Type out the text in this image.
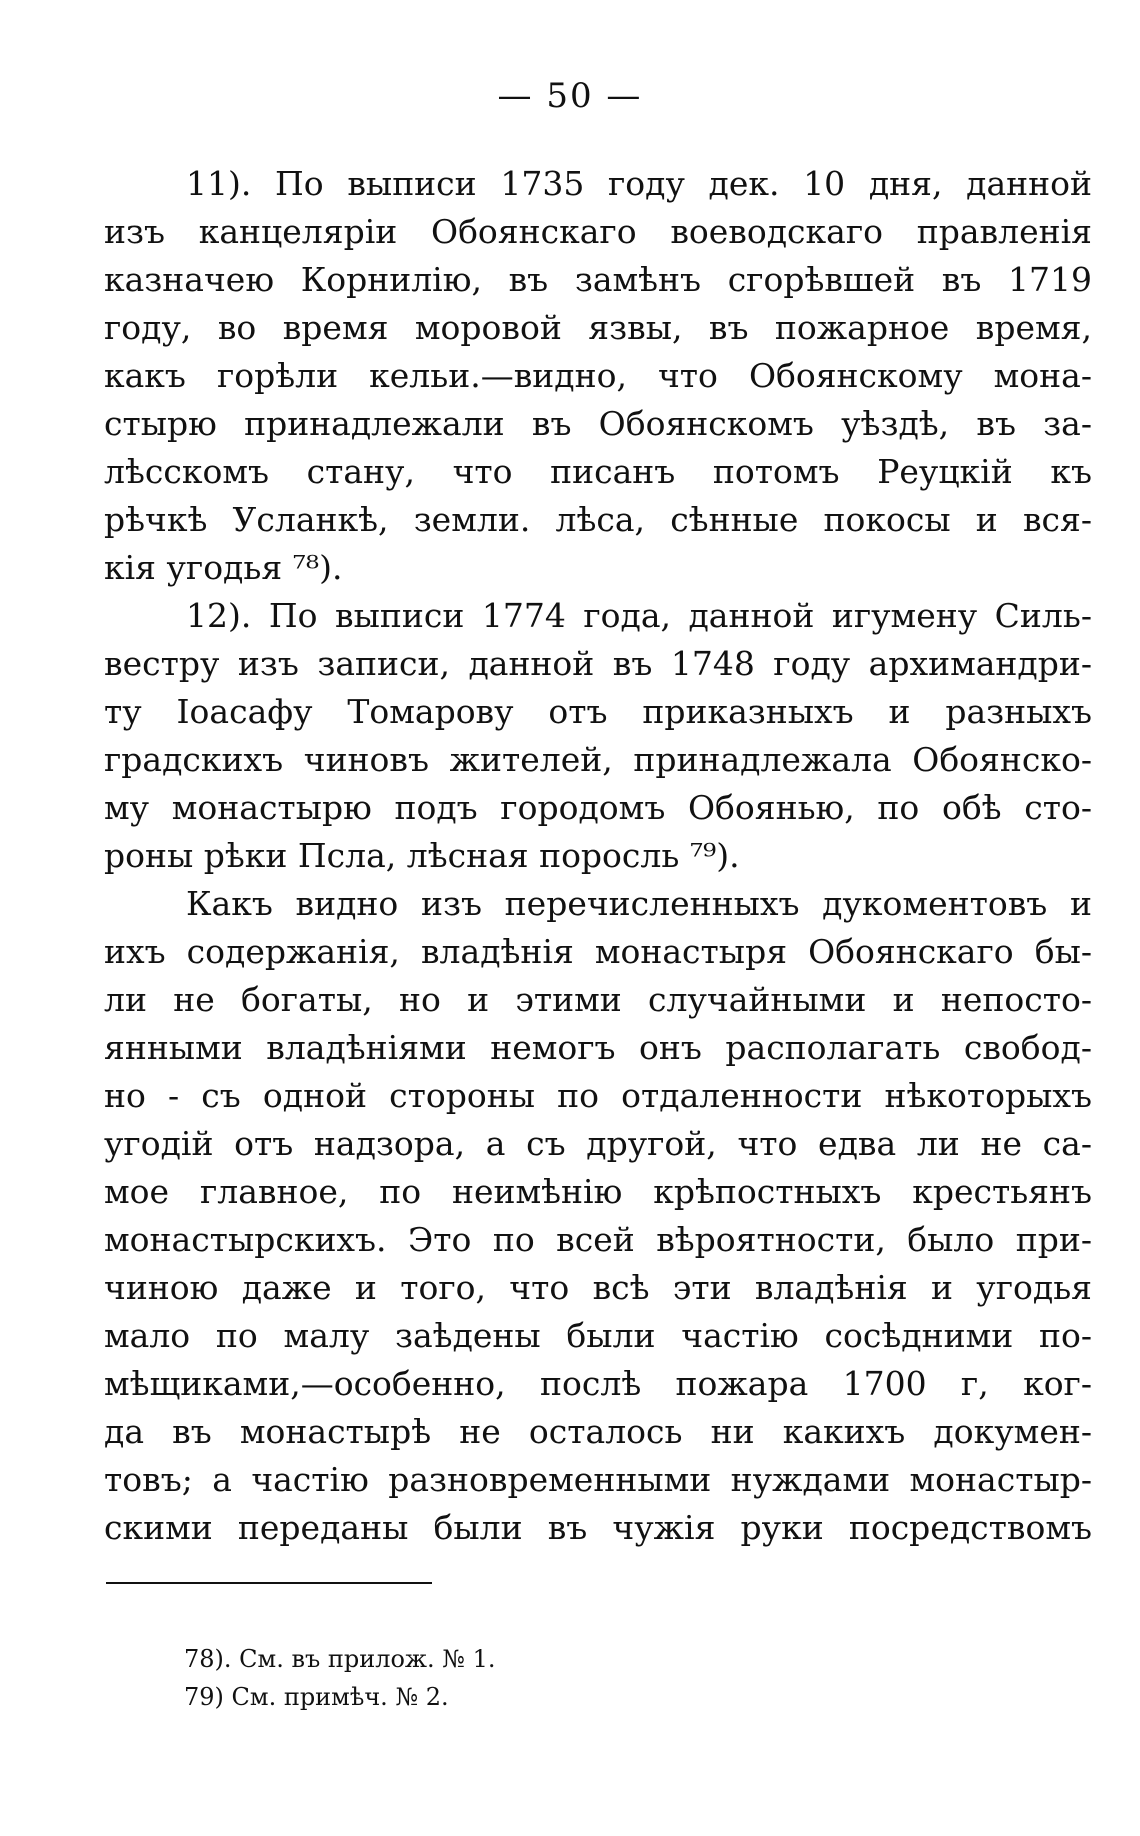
— 50 —
11). По выписи 1735 году дек. 10 дня, данной
изъ канцеляріи Обоянскаго воеводскаго правленія
казначею Корнилію, въ замѣнъ сгорѣвшей въ 1719
году, во время моровой язвы, въ пожарное время,
какъ горѣли кельи.—видно, что Обоянскому мона-
стырю принадлежали въ Обоянскомъ уѣздѣ, въ за-
лѣсскомъ стану, что писанъ потомъ Реуцкій къ
рѣчкѣ Усланкѣ, земли. лѣса, сѣнные покосы и вся-
кія угодья ⁷⁸).
12). По выписи 1774 года, данной игумену Силь-
вестру изъ записи, данной въ 1748 году архимандри-
ту Іоасафу Томарову отъ приказныхъ и разныхъ
градскихъ чиновъ жителей, принадлежала Обоянско-
му монастырю подъ городомъ Обоянью, по обѣ сто-
роны рѣки Псла, лѣсная поросль ⁷⁹).
Какъ видно изъ перечисленныхъ дукоментовъ и
ихъ содержанія, владѣнія монастыря Обоянскаго бы-
ли не богаты, но и этими случайными и непосто-
янными владѣніями немогъ онъ располагать свобод-
но - съ одной стороны по отдаленности нѣкоторыхъ
угодій отъ надзора, а съ другой, что едва ли не са-
мое главное, по неимѣнію крѣпостныхъ крестьянъ
монастырскихъ. Это по всей вѣроятности, было при-
чиною даже и того, что всѣ эти владѣнія и угодья
мало по малу заѣдены были частію сосѣдними по-
мѣщиками,—особенно, послѣ пожара 1700 г, ког-
да въ монастырѣ не осталось ни какихъ докумен-
товъ; а частію разновременными нуждами монастыр-
скими переданы были въ чужія руки посредствомъ
78). См. въ прилож. № 1.
79) См. примѣч. № 2.
